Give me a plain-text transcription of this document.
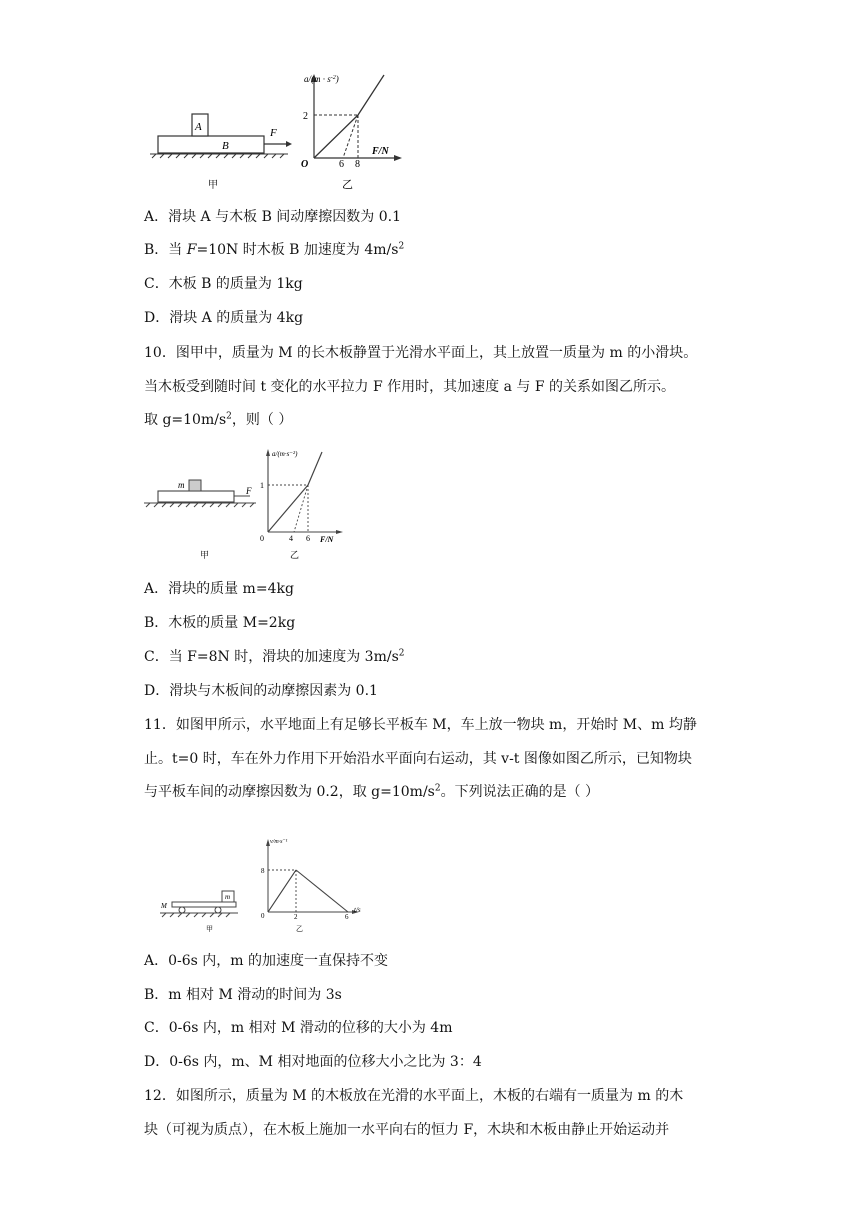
A
B
F
甲
$a/(m \cdot s^{-2})$
F/N
O
2
6 8
乙
A．滑块 A 与木板 B 间动摩擦因数为 0.1
B．当 F=10N 时木板 B 加速度为 $4m/s^2$
C．木板 B 的质量为 1kg
D．滑块 A 的质量为 4kg
10．图甲中，质量为 M 的长木板静置于光滑水平面上，其上放置一质量为 m 的小滑块。
当木板受到随时间 t 变化的水平拉力 F 作用时，其加速度 a 与 F 的关系如图乙所示。
取 $g=10m/s^2$，则（ ）
m
F
甲
a/(m·s⁻²)
F/N
0
1
4 6
乙
A．滑块的质量 m=4kg
B．木板的质量 M=2kg
C．当 F=8N 时，滑块的加速度为 $3m/s^2$
D．滑块与木板间的动摩擦因素为 0.1
11．如图甲所示，水平地面上有足够长平板车 M，车上放一物块 m，开始时 M、m 均静
止。t=0 时，车在外力作用下开始沿水平面向右运动，其 v-t 图像如图乙所示，已知物块
与平板车间的动摩擦因数为 0.2，取 $g=10m/s^2$。下列说法正确的是（ ）
m
M
甲
v/m·s⁻¹
t/s
0
8
2	6
乙
A．0-6s 内，m 的加速度一直保持不变
B．m 相对 M 滑动的时间为 3s
C．0-6s 内，m 相对 M 滑动的位移的大小为 4m
D．0-6s 内，m、M 相对地面的位移大小之比为 3：4
12．如图所示，质量为 M 的木板放在光滑的水平面上，木板的右端有一质量为 m 的木
块（可视为质点），在木板上施加一水平向右的恒力 F，木块和木板由静止开始运动并
